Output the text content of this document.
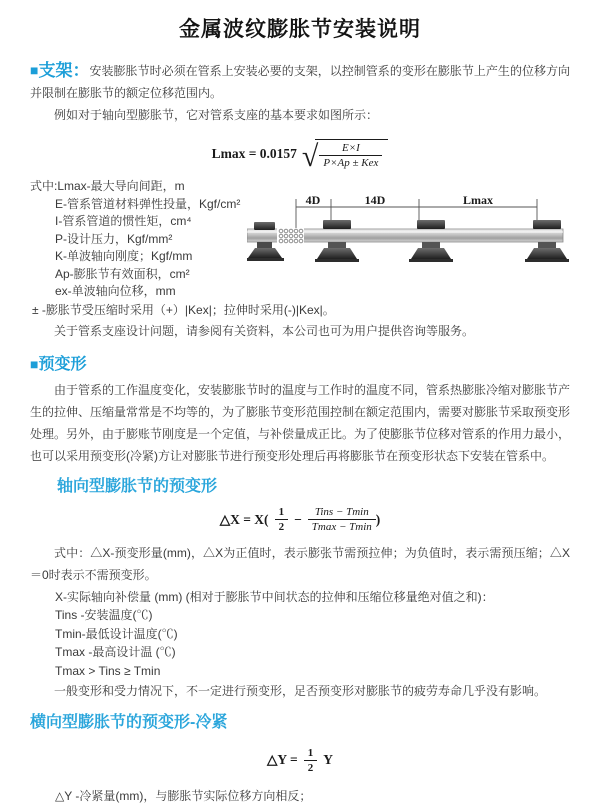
金属波纹膨胀节安装说明

■支架：安装膨胀节时必须在管系上安装必要的支架，以控制管系的变形在膨胀节上产生的位移方向并限制在膨胀节的额定位移范围内。

例如对于轴向型膨胀节，它对管系支座的基本要求如图所示：

Lmax = 0.0157 √ $\frac{E\times I}{\text{P×Ap ± Kex}}$
式中:Lmax-最大导向间距，m
E-管系管道材料弹性投量，Kgf/cm²
I-管系管道的惯性矩，cm⁴
P-设计压力，Kgf/mm²
K-单波轴向刚度；Kgf/mm
Ap-膨胀节有效面积，cm²
ex-单波轴向位移，mm
± -膨胀节受压缩时采用（+）|Kex|；拉伸时采用(-)|Kex|。

关于管系支座设计问题，请参阅有关资料，本公司也可为用户提供咨询等服务。

■预变形

由于管系的工作温度变化，安装膨胀节时的温度与工作时的温度不同，管系热膨胀冷缩对膨胀节产生的拉伸、压缩量常常是不均等的，为了膨胀节变形范围控制在额定范围内，需要对膨胀节采取预变形处理。另外，由于膨账节刚度是一个定值，与补偿量成正比。为了使膨胀节位移对管系的作用力最小，也可以采用预变形(冷紧)方让对膨胀节进行预变形处理后再将膨胀节在预变形状态下安装在管系中。

轴向型膨胀节的预变形

△X = $X( \frac{1}{2} - \frac{\text{Tins − Tmin}}{Tmax - Tmin}$ )

式中：△X-预变形量(mm)，△X为正值时，表示膨张节需预拉伸；为负值时，表示需预压缩；△X＝0时表示不需预变形。

X-实际轴向补偿量 (mm) (相对于膨胀节中间状态的拉伸和压缩位移量绝对值之和)：
Tins -安装温度(℃)
Tmin-最低设计温度(℃)
Tmax -最高设计温 (℃)
Tmax > Tins ≥ Tmin

一般变形和受力情况下，不一定进行预变形，足否预变形对膨胀节的疲劳寿命几乎没有影响。

横向型膨胀节的预变形-冷紧

△Y = $\frac{1}{2}$ Y

△Y -冷紧量(mm)，与膨胀节实际位移方向相反；

4D	14D	Lmax
